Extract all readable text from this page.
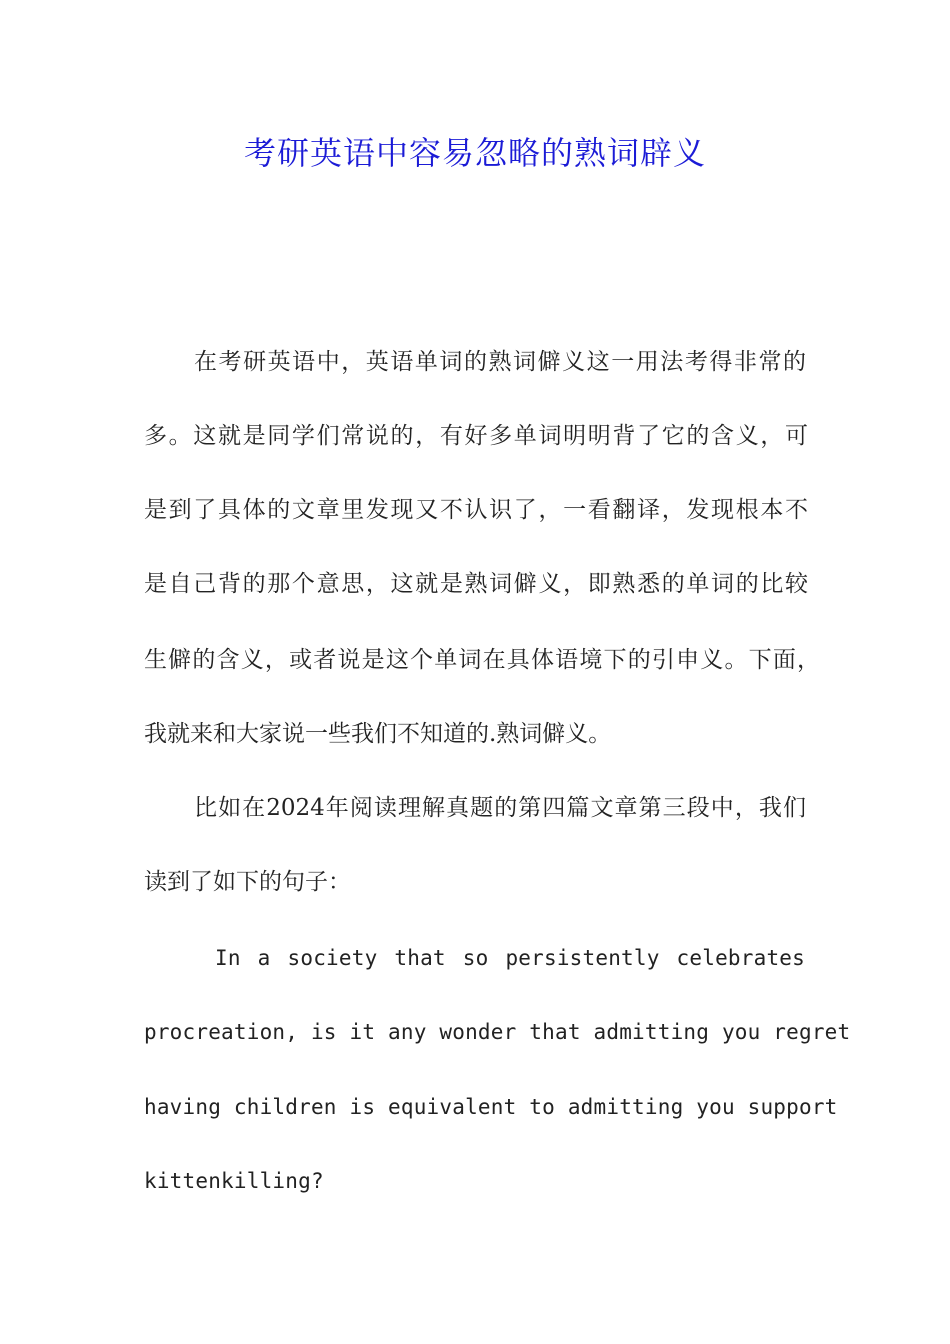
考研英语中容易忽略的熟词辟义

在考研英语中，英语单词的熟词僻义这一用法考得非常的

多。这就是同学们常说的，有好多单词明明背了它的含义，可

是到了具体的文章里发现又不认识了，一看翻译，发现根本不

是自己背的那个意思，这就是熟词僻义，即熟悉的单词的比较

生僻的含义，或者说是这个单词在具体语境下的引申义。下面，

我就来和大家说一些我们不知道的.熟词僻义。

比如在2024年阅读理解真题的第四篇文章第三段中，我们

读到了如下的句子：

In a society that so persistently celebrates

procreation, is it any wonder that admitting you regret

having children is equivalent to admitting you support

kittenkilling?
